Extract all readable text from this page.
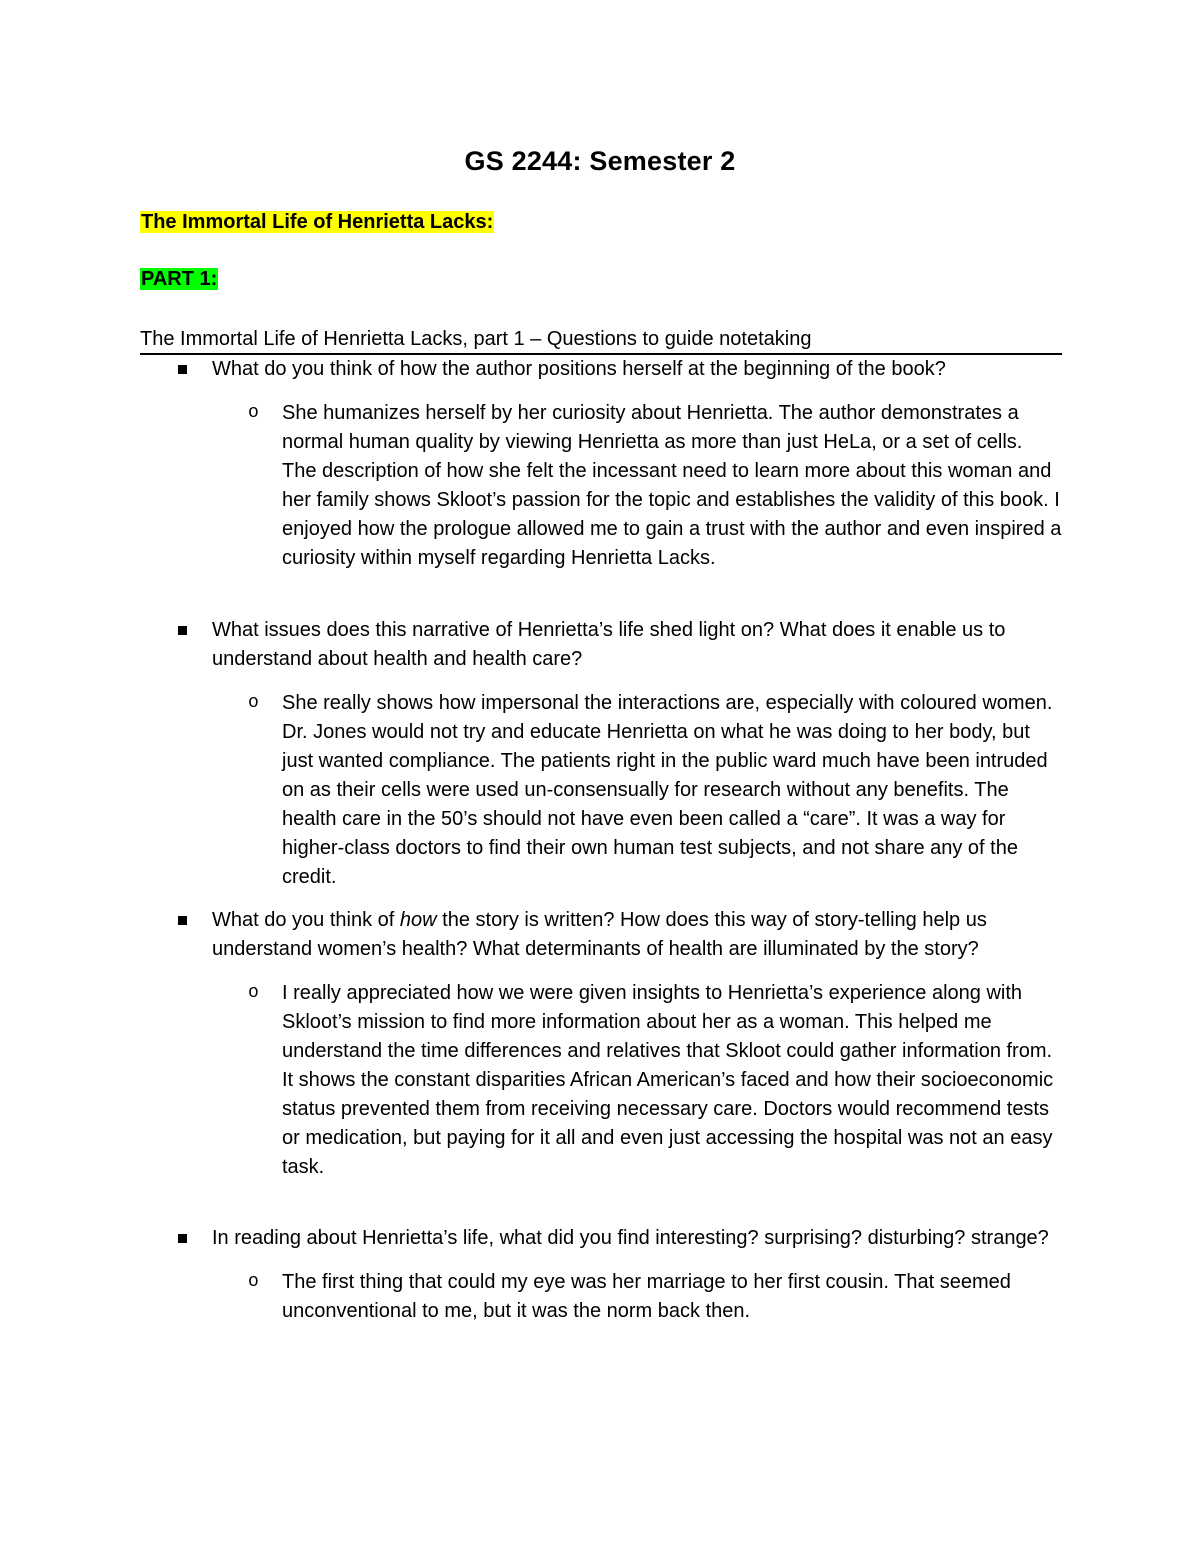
GS 2244: Semester 2
The Immortal Life of Henrietta Lacks:
PART 1:
The Immortal Life of Henrietta Lacks, part 1 – Questions to guide notetaking
What do you think of how the author positions herself at the beginning of the book?
o She humanizes herself by her curiosity about Henrietta. The author demonstrates a normal human quality by viewing Henrietta as more than just HeLa, or a set of cells. The description of how she felt the incessant need to learn more about this woman and her family shows Skloot’s passion for the topic and establishes the validity of this book. I enjoyed how the prologue allowed me to gain a trust with the author and even inspired a curiosity within myself regarding Henrietta Lacks.
What issues does this narrative of Henrietta’s life shed light on? What does it enable us to understand about health and health care?
o She really shows how impersonal the interactions are, especially with coloured women. Dr. Jones would not try and educate Henrietta on what he was doing to her body, but just wanted compliance. The patients right in the public ward much have been intruded on as their cells were used un-consensually for research without any benefits. The health care in the 50’s should not have even been called a “care”. It was a way for higher-class doctors to find their own human test subjects, and not share any of the credit.
What do you think of how the story is written? How does this way of story-telling help us understand women’s health? What determinants of health are illuminated by the story?
o I really appreciated how we were given insights to Henrietta’s experience along with Skloot’s mission to find more information about her as a woman. This helped me understand the time differences and relatives that Skloot could gather information from. It shows the constant disparities African American’s faced and how their socioeconomic status prevented them from receiving necessary care. Doctors would recommend tests or medication, but paying for it all and even just accessing the hospital was not an easy task.
In reading about Henrietta’s life, what did you find interesting? surprising? disturbing? strange?
o The first thing that could my eye was her marriage to her first cousin. That seemed unconventional to me, but it was the norm back then.
